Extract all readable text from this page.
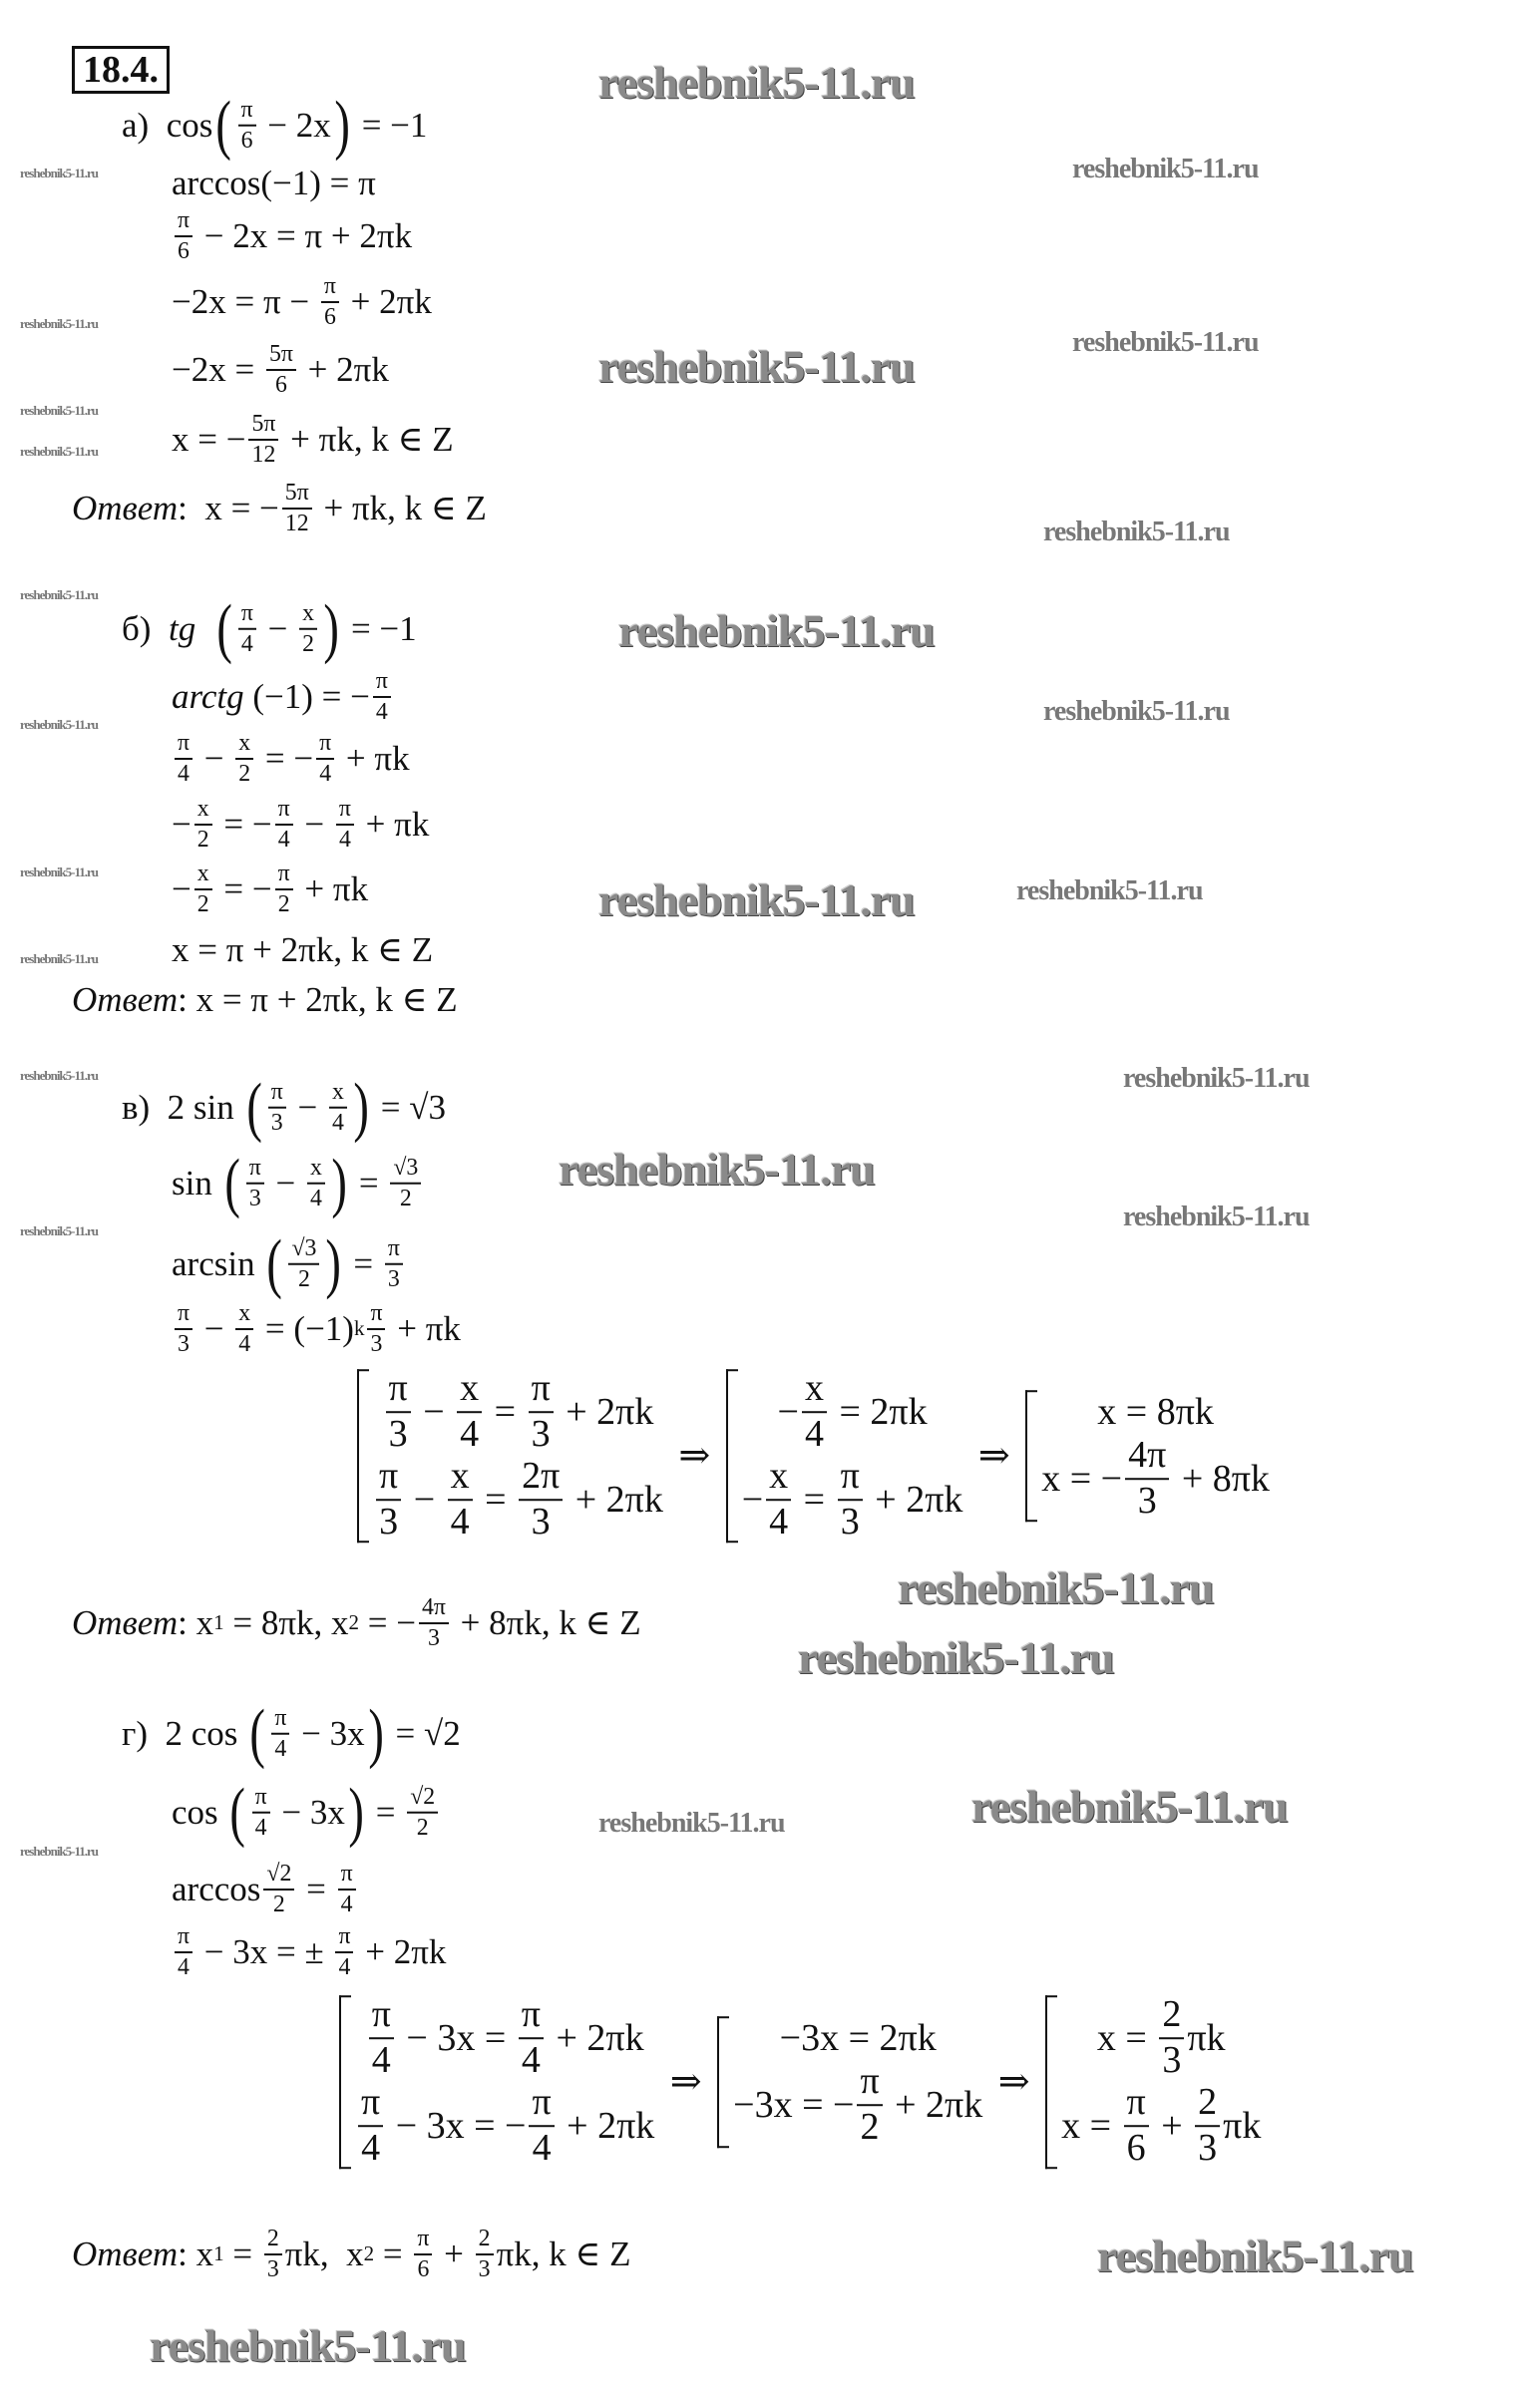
18.4.
а)  cos ( $\frac{\pi}{6} - 2x$ ) = −1
arccos(−1) = π
$\frac{\pi}{6} - 2x = \pi + 2\pi k$
$-2x = \pi - \frac{\pi}{6} + 2\pi k$
$-2x = \frac{5\pi}{6} + 2\pi k$
x = − $\frac{5\pi}{12} + \pi k$, k ∈ Z
Ответ :  x = − $\frac{5\pi}{12} + \pi k$, k ∈ Z
б) tg
( $\frac{\pi}{4} - \frac{x}{2}$ ) = −1
arctg (−1) = − $\frac{\pi}{4}$
$\frac{\pi}{4} - \frac{x}{2}$ = − $\frac{\pi}{4} + \pi k$
− $\frac{x}{2}$ = − $\frac{\pi}{4} - \frac{\pi}{4} + \pi k$
− $\frac{x}{2}$ = − $\frac{\pi}{2} + \pi k$
x = π + 2πk, k ∈ Z
Ответ : x = π + 2πk, k ∈ Z
в)  2 sin ( $\frac{\pi}{3} - \frac{x}{4}$ ) = √3
sin ( $\frac{\pi}{3} - \frac{x}{4}$ ) = $\frac{√3}{2}$
arcsin ( $\frac{√3}{2}$ ) = $\frac{\pi}{3}$
$\frac{\pi}{3} - \frac{x}{4} = (-1)$ k $\frac{\pi}{3} + \pi k$
$\frac{\pi}{3} - \frac{x}{4} = \frac{\pi}{3} + 2\pi k$
$\frac{\pi}{3} - \frac{x}{4} = \frac{2\pi}{3} + 2\pi k$
⇒
− $\frac{x}{4} = 2\pi k$
− $\frac{x}{4} = \frac{\pi}{3} + 2\pi k$
⇒
x = 8πk
x = − $\frac{4\pi}{3} + 8\pi k$
Ответ : x 1 = 8πk, x 2 = − $\frac{4\pi}{3} + 8\pi k$, k ∈ Z
г)  2 cos ( $\frac{\pi}{4} - 3x$ ) = √2
cos ( $\frac{\pi}{4} - 3x$ ) = $\frac{√2}{2}$
$\arccos \frac{√2}{2} = \frac{\pi}{4}$
$\frac{\pi}{4} - 3x$ = ± $\frac{\pi}{4} + 2\pi k$
$\frac{\pi}{4} - 3x = \frac{\pi}{4} + 2\pi k$
$\frac{\pi}{4} - 3x$ = − $\frac{\pi}{4} + 2\pi k$
⇒
−3x = 2πk
−3x = − $\frac{\pi}{2} + 2\pi k$
⇒
$x = \frac{2}{3}$ πk
$x = \frac{\pi}{6} + \frac{2}{3}$ πk
Ответ : x $1 = \frac{2}{3} \pi k$,  x $2 = \frac{\pi}{6} + \frac{2}{3} \pi k$, k ∈ Z
reshebnik5-11.ru
reshebnik5-11.ru
reshebnik5-11.ru
reshebnik5-11.ru
reshebnik5-11.ru
reshebnik5-11.ru
reshebnik5-11.ru
reshebnik5-11.ru
reshebnik5-11.ru
reshebnik5-11.ru
reshebnik5-11.ru
reshebnik5-11.ru
reshebnik5-11.ru
reshebnik5-11.ru
reshebnik5-11.ru
reshebnik5-11.ru
reshebnik5-11.ru
reshebnik5-11.ru
reshebnik5-11.ru
reshebnik5-11.ru
reshebnik5-11.ru
reshebnik5-11.ru
reshebnik5-11.ru
reshebnik5-11.ru
reshebnik5-11.ru
reshebnik5-11.ru
reshebnik5-11.ru
reshebnik5-11.ru
reshebnik5-11.ru
